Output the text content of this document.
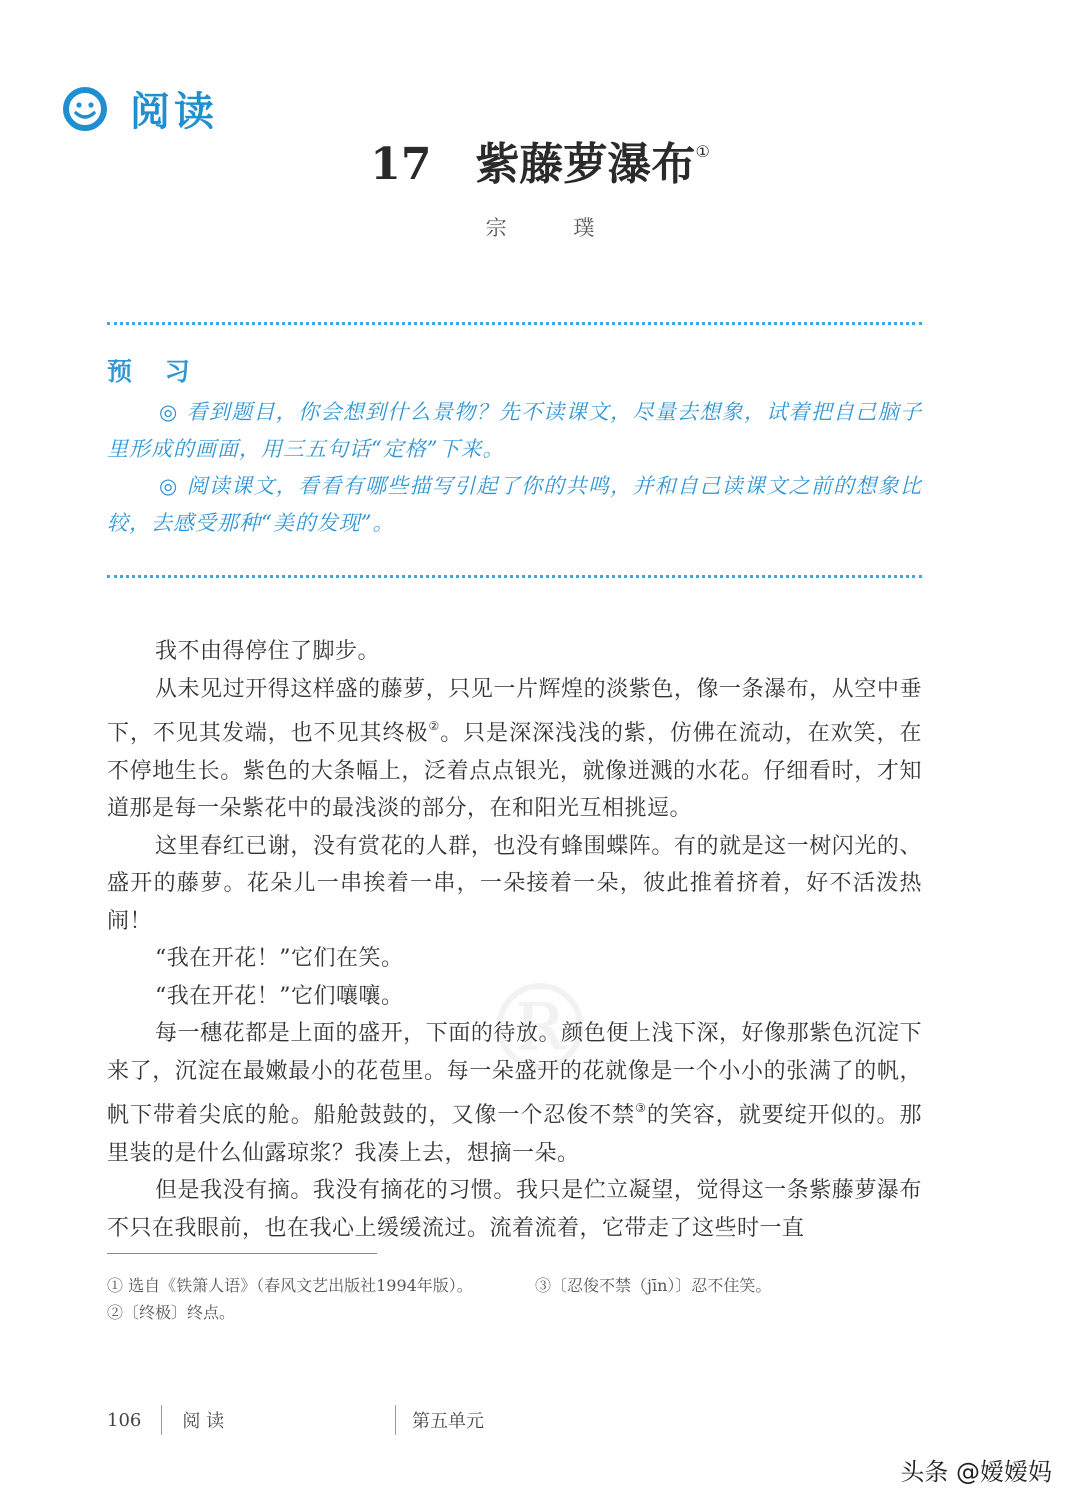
阅读
17 紫藤萝瀑布①
宗 璞
预 习

◎ 看到题目，你会想到什么景物？先不读课文，尽量去想象，试着把自己脑子里形成的画面，用三五句话“定格”下来。

◎ 阅读课文，看看有哪些描写引起了你的共鸣，并和自己读课文之前的想象比较，去感受那种“美的发现”。

®

我不由得停住了脚步。

从未见过开得这样盛的藤萝，只见一片辉煌的淡紫色，像一条瀑布，从空中垂下，不见其发端，也不见其终极②。只是深深浅浅的紫，仿佛在流动，在欢笑，在不停地生长。紫色的大条幅上，泛着点点银光，就像迸溅的水花。仔细看时，才知道那是每一朵紫花中的最浅淡的部分，在和阳光互相挑逗。

这里春红已谢，没有赏花的人群，也没有蜂围蝶阵。有的就是这一树闪光的、盛开的藤萝。花朵儿一串挨着一串，一朵接着一朵，彼此推着挤着，好不活泼热闹！

“我在开花！”它们在笑。

“我在开花！”它们嚷嚷。

每一穗花都是上面的盛开，下面的待放。颜色便上浅下深，好像那紫色沉淀下来了，沉淀在最嫩最小的花苞里。每一朵盛开的花就像是一个小小的张满了的帆，帆下带着尖底的舱。船舱鼓鼓的，又像一个忍俊不禁③的笑容，就要绽开似的。那里装的是什么仙露琼浆？我凑上去，想摘一朵。

但是我没有摘。我没有摘花的习惯。我只是伫立凝望，觉得这一条紫藤萝瀑布不只在我眼前，也在我心上缓缓流过。流着流着，它带走了这些时一直

① 选自《铁箫人语》（春风文艺出版社1994年版）。	③〔忍俊不禁（jīn）〕忍不住笑。
②〔终极〕终点。
106 阅 读	第五单元
头条 @嫒嫒妈
